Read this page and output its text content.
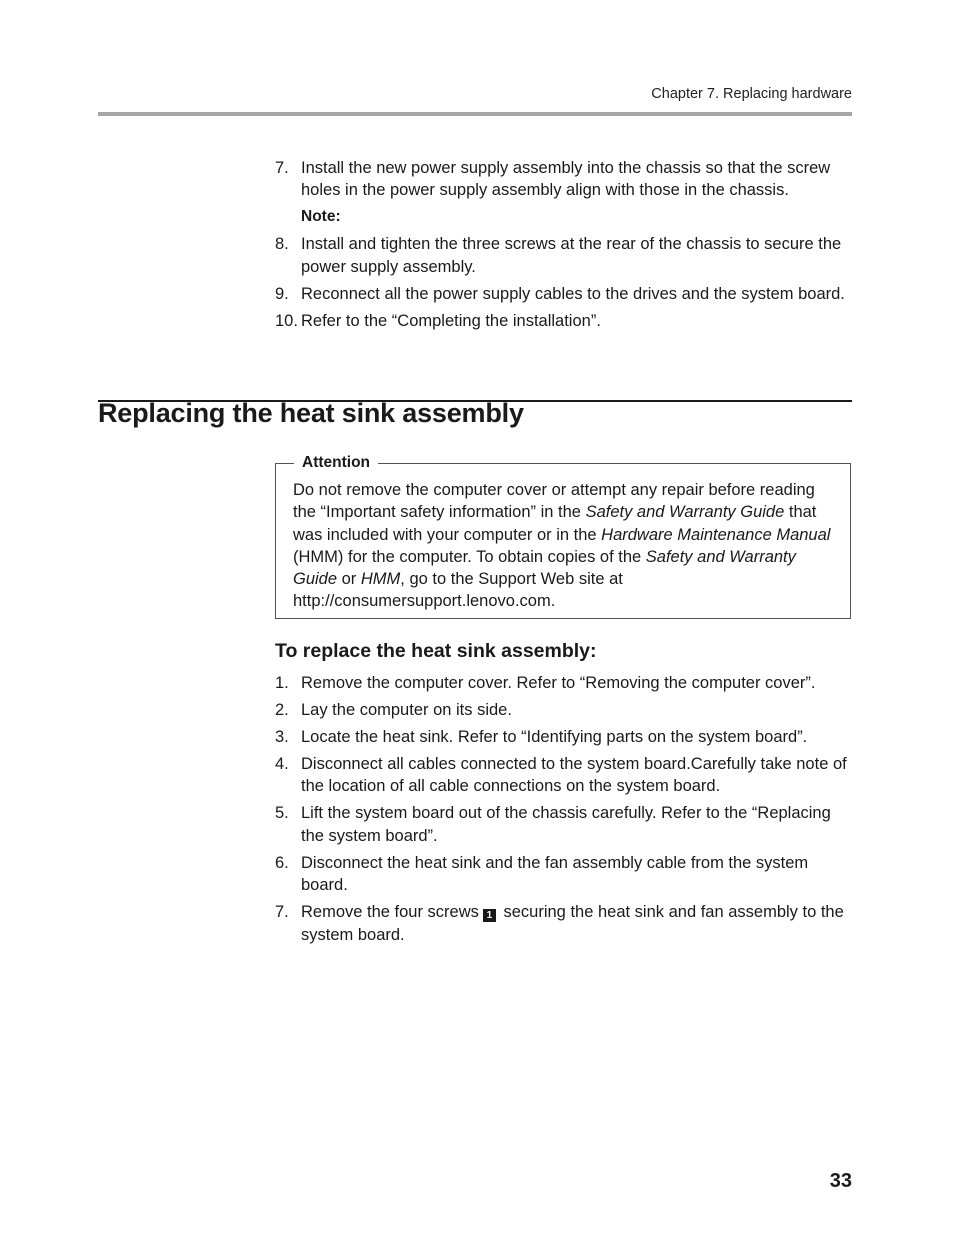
Chapter 7. Replacing hardware
7. Install the new power supply assembly into the chassis so that the screw holes in the power supply assembly align with those in the chassis.
Note:
8. Install and tighten the three screws at the rear of the chassis to secure the power supply assembly.
9. Reconnect all the power supply cables to the drives and the system board.
10. Refer to the “Completing the installation”.
Replacing the heat sink assembly
Attention
Do not remove the computer cover or attempt any repair before reading the “Important safety information” in the Safety and Warranty Guide that was included with your computer or in the Hardware Maintenance Manual (HMM) for the computer. To obtain copies of the Safety and Warranty Guide or HMM, go to the Support Web site at http://consumersupport.lenovo.com.
To replace the heat sink assembly:
1. Remove the computer cover. Refer to “Removing the computer cover”.
2. Lay the computer on its side.
3. Locate the heat sink. Refer to “Identifying parts on the system board”.
4. Disconnect all cables connected to the system board.Carefully take note of the location of all cable connections on the system board.
5. Lift the system board out of the chassis carefully. Refer to the “Replacing the system board”.
6. Disconnect the heat sink and the fan assembly cable from the system board.
7. Remove the four screws 1 securing the heat sink and fan assembly to the system board.
33
